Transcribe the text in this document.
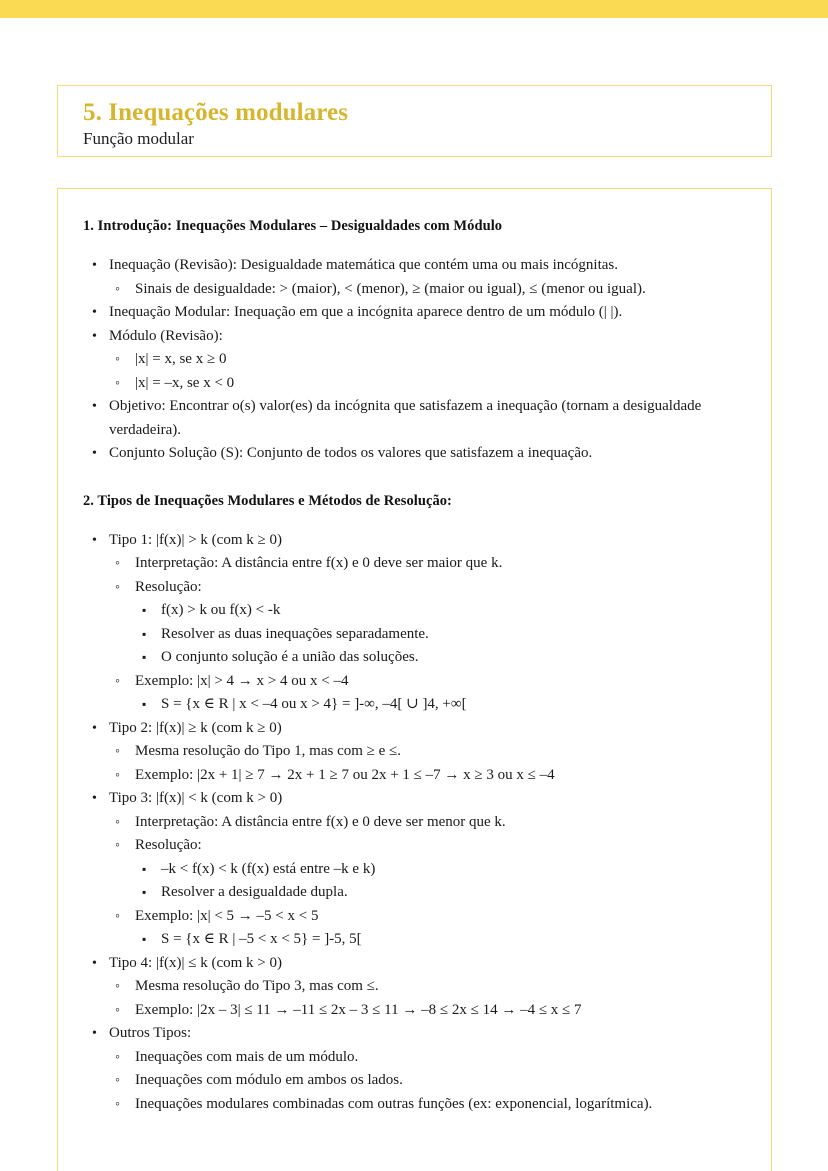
5. Inequações modulares
Função modular
1. Introdução: Inequações Modulares – Desigualdades com Módulo
• Inequação (Revisão): Desigualdade matemática que contém uma ou mais incógnitas.
◦ Sinais de desigualdade: > (maior), < (menor), ≥ (maior ou igual), ≤ (menor ou igual).
• Inequação Modular: Inequação em que a incógnita aparece dentro de um módulo (| |).
• Módulo (Revisão):
◦ |x| = x, se x ≥ 0
◦ |x| = –x, se x < 0
• Objetivo: Encontrar o(s) valor(es) da incógnita que satisfazem a inequação (tornam a desigualdade verdadeira).
• Conjunto Solução (S): Conjunto de todos os valores que satisfazem a inequação.
2. Tipos de Inequações Modulares e Métodos de Resolução:
• Tipo 1: |f(x)| > k (com k ≥ 0)
◦ Interpretação: A distância entre f(x) e 0 deve ser maior que k.
◦ Resolução:
▪ f(x) > k ou f(x) < -k
▪ Resolver as duas inequações separadamente.
▪ O conjunto solução é a união das soluções.
◦ Exemplo: |x| > 4 → x > 4 ou x < –4
▪ S = {x ∈ R | x < –4 ou x > 4} = ]-∞, –4[ ∪ ]4, +∞[
• Tipo 2: |f(x)| ≥ k (com k ≥ 0)
◦ Mesma resolução do Tipo 1, mas com ≥ e ≤.
◦ Exemplo: |2x + 1| ≥ 7 → 2x + 1 ≥ 7 ou 2x + 1 ≤ –7 → x ≥ 3 ou x ≤ –4
• Tipo 3: |f(x)| < k (com k > 0)
◦ Interpretação: A distância entre f(x) e 0 deve ser menor que k.
◦ Resolução:
▪ –k < f(x) < k (f(x) está entre –k e k)
▪ Resolver a desigualdade dupla.
◦ Exemplo: |x| < 5 → –5 < x < 5
▪ S = {x ∈ R | –5 < x < 5} = ]-5, 5[
• Tipo 4: |f(x)| ≤ k (com k > 0)
◦ Mesma resolução do Tipo 3, mas com ≤.
◦ Exemplo: |2x – 3| ≤ 11 → –11 ≤ 2x – 3 ≤ 11 → –8 ≤ 2x ≤ 14 → –4 ≤ x ≤ 7
• Outros Tipos:
◦ Inequações com mais de um módulo.
◦ Inequações com módulo em ambos os lados.
◦ Inequações modulares combinadas com outras funções (ex: exponencial, logarítmica).
